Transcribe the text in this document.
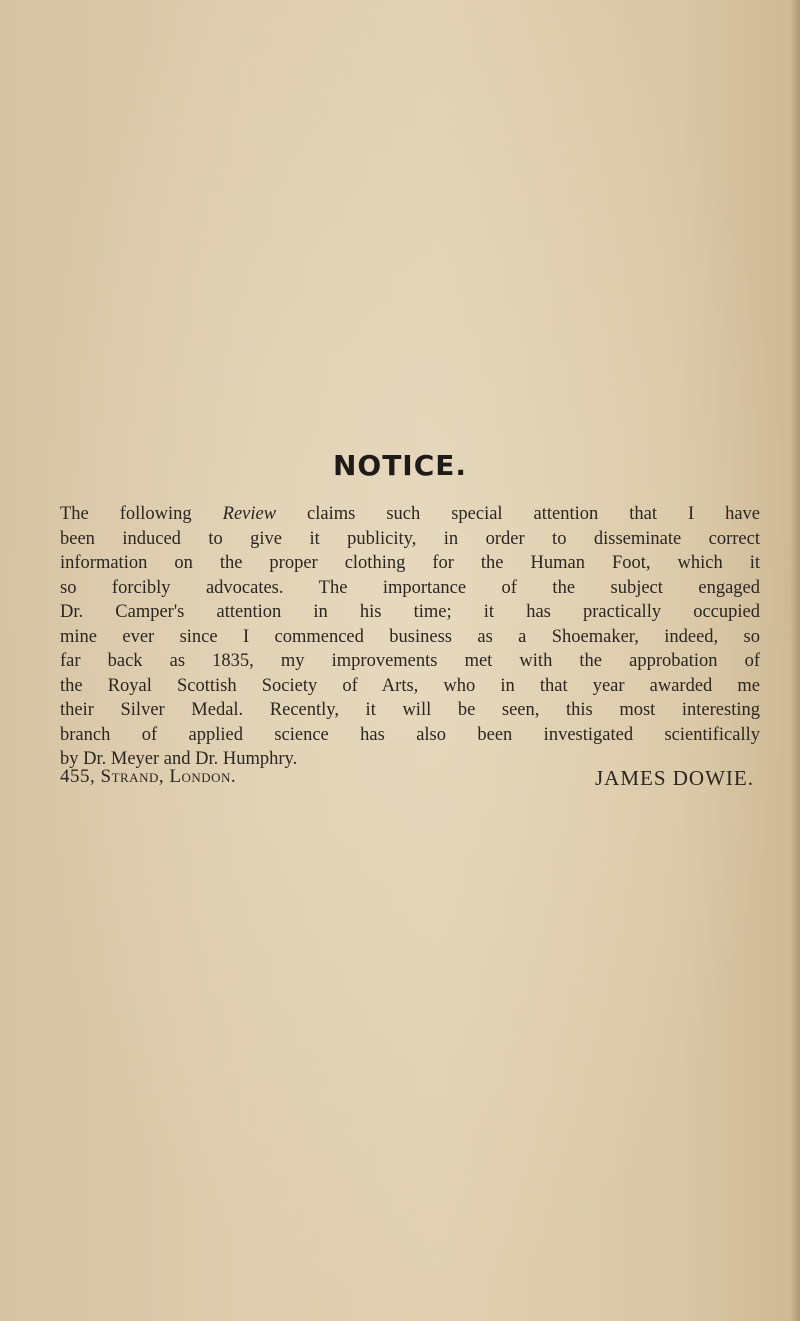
NOTICE.
The following Review claims such special attention that I have
been induced to give it publicity, in order to disseminate correct
information on the proper clothing for the Human Foot, which it
so forcibly advocates. The importance of the subject engaged
Dr. Camper's attention in his time; it has practically occupied
mine ever since I commenced business as a Shoemaker, indeed, so
far back as 1835, my improvements met with the approbation of
the Royal Scottish Society of Arts, who in that year awarded me
their Silver Medal. Recently, it will be seen, this most interesting
branch of applied science has also been investigated scientifically
by Dr. Meyer and Dr. Humphry.
455, Strand, London.	JAMES DOWIE.
